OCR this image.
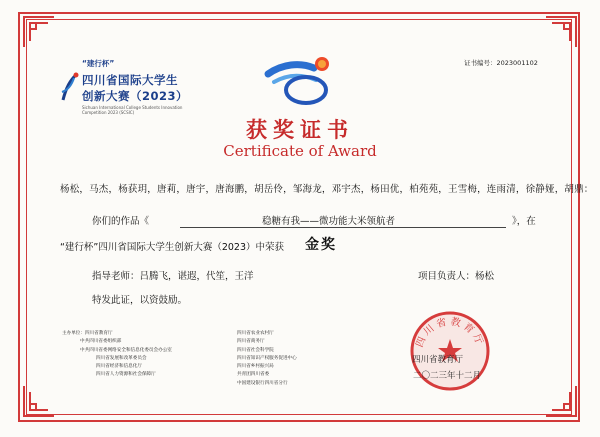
证书编号：2023001102
“建行杯”
四川省国际大学生
创新大赛（2023）
Sichuan International College Students Innovation Competition 2023 (SCSIC)
获奖证书
Certificate of Award
杨松，马杰，杨获玥，唐莉，唐宇，唐海鹏，胡岳伶，邹海龙，邓宇杰，杨田优，柏苑苑，王雪梅，连雨清，徐静娅，胡鼎：
你们的作品《	稳糖有我——微功能大米领航者	》，在
“建行杯”四川省国际大学生创新大赛（2023）中荣获 金奖
指导老师：吕腾飞，谌遐，代笙，王洋	项目负责人：杨松
特发此证，以资鼓励。
主办单位：四川省教育厅
中共四川省委组织部
中共四川省委网络安全和信息化委员会办公室
四川省发展和改革委员会
四川省经济和信息化厅
四川省人力资源和社会保障厅
四川省农业农村厅
四川省商务厅
四川省社会科学院
四川省知识产权服务促进中心
四川省乡村振兴局
共青团四川省委
中国建设银行四川省分行
四川省教育厅
四川省教育厅
二〇二三年十二月
